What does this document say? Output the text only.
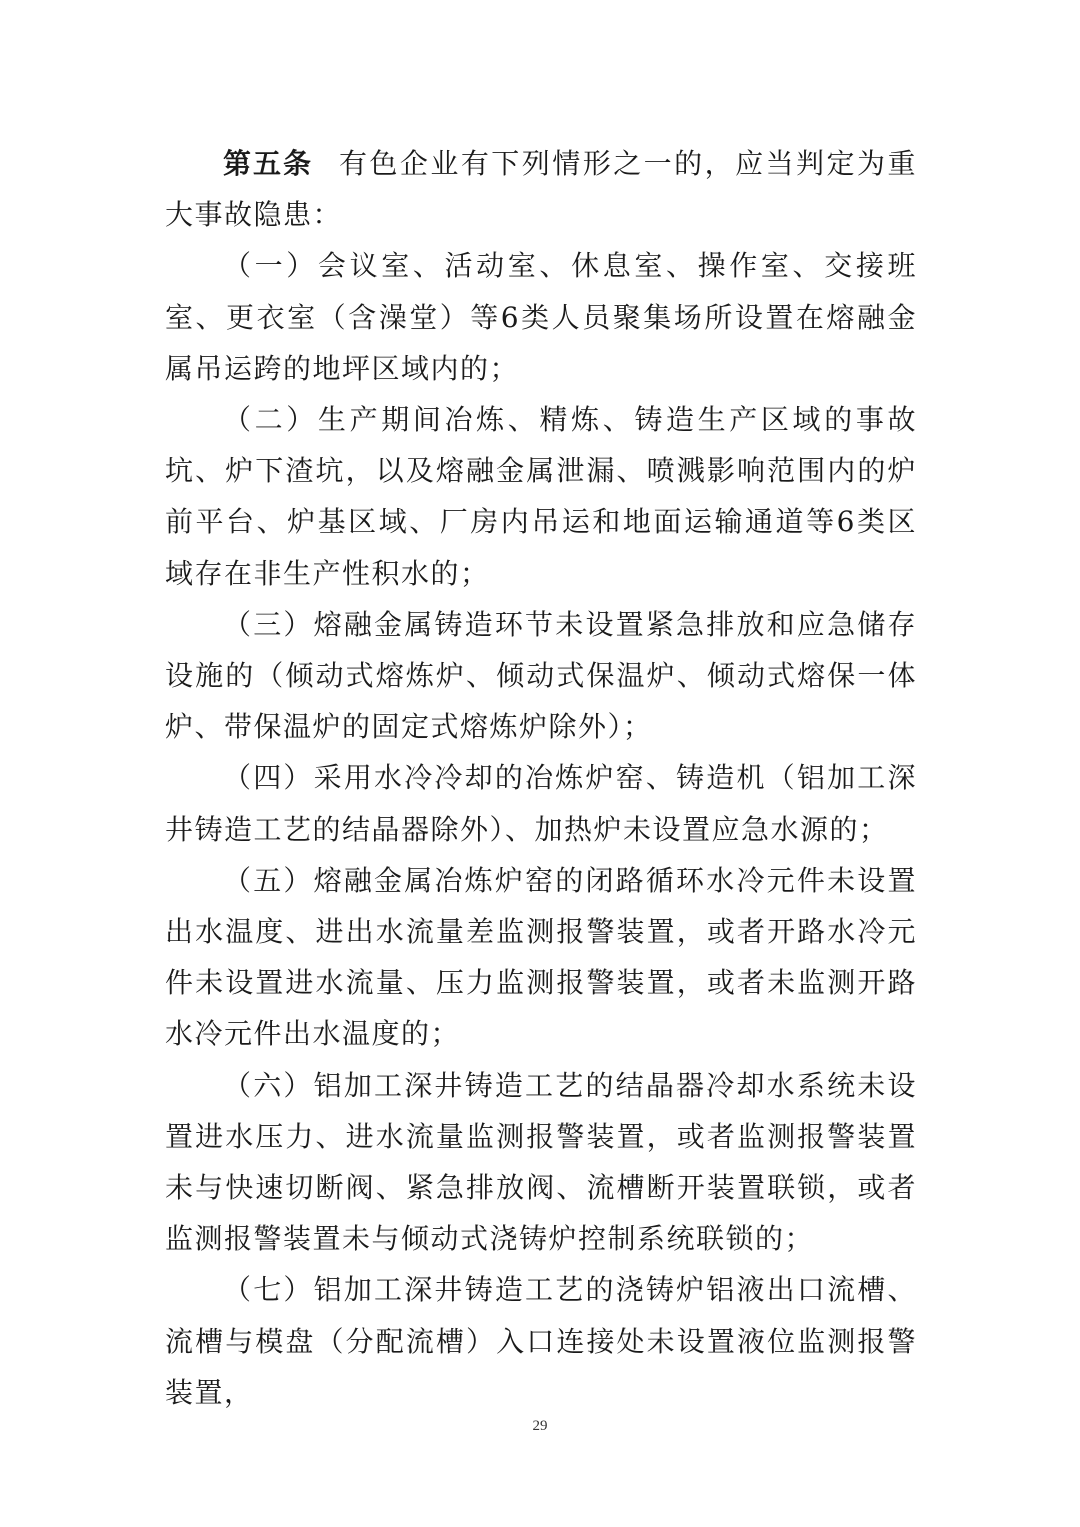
第五条 有色企业有下列情形之一的，应当判定为重大事故隐患：

（一）会议室、活动室、休息室、操作室、交接班室、更衣室（含澡堂）等6类人员聚集场所设置在熔融金属吊运跨的地坪区域内的；

（二）生产期间冶炼、精炼、铸造生产区域的事故坑、炉下渣坑，以及熔融金属泄漏、喷溅影响范围内的炉前平台、炉基区域、厂房内吊运和地面运输通道等6类区域存在非生产性积水的；

（三）熔融金属铸造环节未设置紧急排放和应急储存设施的（倾动式熔炼炉、倾动式保温炉、倾动式熔保一体炉、带保温炉的固定式熔炼炉除外）；

（四）采用水冷冷却的冶炼炉窑、铸造机（铝加工深井铸造工艺的结晶器除外）、加热炉未设置应急水源的；

（五）熔融金属冶炼炉窑的闭路循环水冷元件未设置出水温度、进出水流量差监测报警装置，或者开路水冷元件未设置进水流量、压力监测报警装置，或者未监测开路水冷元件出水温度的；

（六）铝加工深井铸造工艺的结晶器冷却水系统未设置进水压力、进水流量监测报警装置，或者监测报警装置未与快速切断阀、紧急排放阀、流槽断开装置联锁，或者监测报警装置未与倾动式浇铸炉控制系统联锁的；

（七）铝加工深井铸造工艺的浇铸炉铝液出口流槽、流槽与模盘（分配流槽）入口连接处未设置液位监测报警装置，

29
